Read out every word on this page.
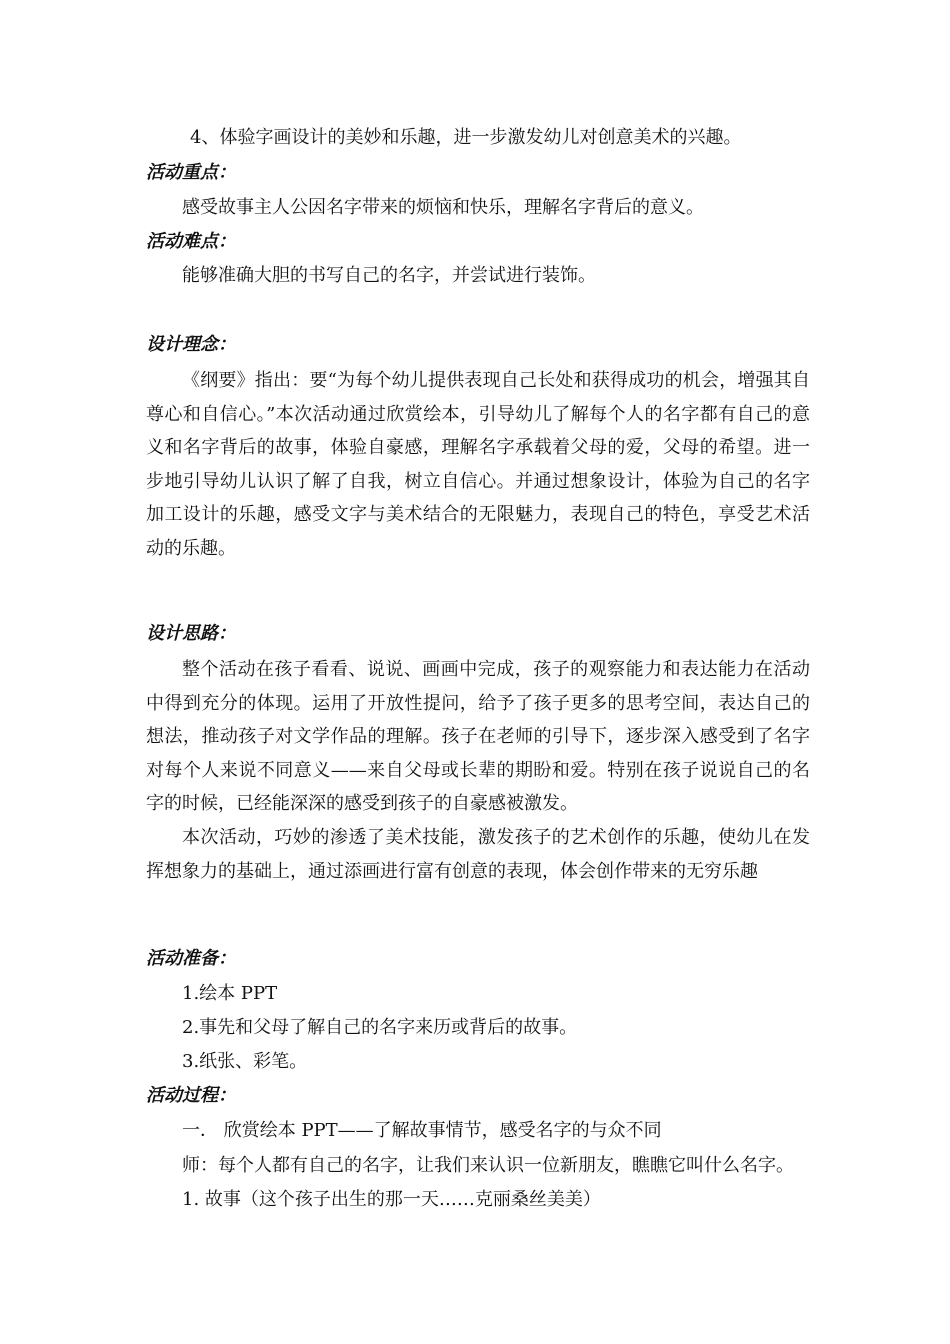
4、体验字画设计的美妙和乐趣，进一步激发幼儿对创意美术的兴趣。
活动重点：
感受故事主人公因名字带来的烦恼和快乐，理解名字背后的意义。
活动难点：
能够准确大胆的书写自己的名字，并尝试进行装饰。
设计理念：

《纲要》指出：要“为每个幼儿提供表现自己长处和获得成功的机会，增强其自尊心和自信心。”本次活动通过欣赏绘本，引导幼儿了解每个人的名字都有自己的意义和名字背后的故事，体验自豪感，理解名字承载着父母的爱，父母的希望。进一步地引导幼儿认识了解了自我，树立自信心。并通过想象设计，体验为自己的名字加工设计的乐趣，感受文字与美术结合的无限魅力，表现自己的特色，享受艺术活动的乐趣。

设计思路：

整个活动在孩子看看、说说、画画中完成，孩子的观察能力和表达能力在活动中得到充分的体现。运用了开放性提问，给予了孩子更多的思考空间，表达自己的想法，推动孩子对文学作品的理解。孩子在老师的引导下，逐步深入感受到了名字对每个人来说不同意义——来自父母或长辈的期盼和爱。特别在孩子说说自己的名字的时候，已经能深深的感受到孩子的自豪感被激发。

本次活动，巧妙的渗透了美术技能，激发孩子的艺术创作的乐趣，使幼儿在发挥想象力的基础上，通过添画进行富有创意的表现，体会创作带来的无穷乐趣

活动准备：
1.绘本 PPT
2.事先和父母了解自己的名字来历或背后的故事。
3.纸张、彩笔。
活动过程：
一． 欣赏绘本 PPT——了解故事情节，感受名字的与众不同
师：每个人都有自己的名字，让我们来认识一位新朋友，瞧瞧它叫什么名字。
1. 故事（这个孩子出生的那一天……克丽桑丝美美）
